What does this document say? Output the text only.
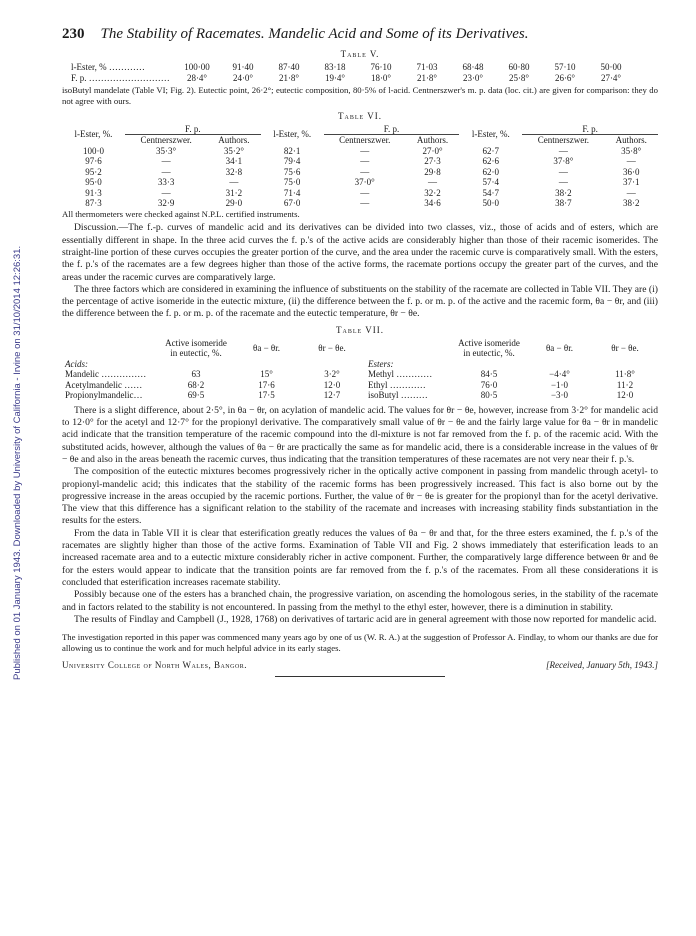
Published on 01 January 1943. Downloaded by University of California - Irvine on 31/10/2014 12:26:31.
230 The Stability of Racemates. Mandelic Acid and Some of its Derivatives.
Table V.
l-Ester, % …………	100·00	91·40	87·40	83·18	76·10	71·03	68·48	60·80	57·10	50·00
F. p. ………………………	28·4°	24·0°	21·8°	19·4°	18·0°	21·8°	23·0°	25·8°	26·6°	27·4°

isoButyl mandelate (Table VI; Fig. 2). Eutectic point, 26·2°; eutectic composition, 80·5% of l-acid. Centnerszwer's m. p. data (loc. cit.) are given for comparison: they do not agree with ours.

Table VI.
l-Ester, %.	F. p.		l-Ester, %.	F. p.		l-Ester, %.	F. p.	
	Centnerszwer.	Authors.		Centnerszwer.	Authors.		Centnerszwer.	Authors.
100·0	35·3°	35·2°	82·1	—	27·0°	62·7	—	35·8°
97·6	—	34·1	79·4	—	27·3	62·6	37·8°	—
95·2	—	32·8	75·6	—	29·8	62·0	—	36·0
95·0	33·3	—	75·0	37·0°	—	57·4	—	37·1
91·3	—	31·2	71·4	—	32·2	54·7	38·2	—
87·3	32·9	29·0	67·0	—	34·6	50·0	38·7	38·2

All thermometers were checked against N.P.L. certified instruments.

Discussion.—The f.-p. curves of mandelic acid and its derivatives can be divided into two classes, viz., those of acids and of esters, which are essentially different in shape. In the three acid curves the f. p.'s of the active acids are considerably higher than those of their racemic isomerides. The straight-line portion of these curves occupies the greater portion of the curve, and the area under the racemic curve is comparatively small. With the esters, the f. p.'s of the racemates are a few degrees higher than those of the active forms, the racemate portions occupy the greater part of the curves, and the areas under the racemic curves are comparatively large.

The three factors which are considered in examining the influence of substituents on the stability of the racemate are collected in Table VII. They are (i) the percentage of active isomeride in the eutectic mixture, (ii) the difference between the f. p. or m. p. of the active and the racemic form, θa − θr, and (iii) the difference between the f. p. or m. p. of the racemate and the eutectic temperature, θr − θe.

Table VII.
	Active isomeride in eutectic, %.	θa − θr.	θr − θe.		Active isomeride in eutectic, %.	θa − θr.	θr − θe.
Acids:				Esters:			
Mandelic ……………	63	15°	3·2°	Methyl …………	84·5	−4·4°	11·8°
Acetylmandelic ……	68·2	17·6	12·0	Ethyl …………	76·0	−1·0	11·2
Propionylmandelic…	69·5	17·5	12·7	isoButyl ………	80·5	−3·0	12·0

There is a slight difference, about 2·5°, in θa − θr, on acylation of mandelic acid. The values for θr − θe, however, increase from 3·2° for mandelic acid to 12·0° for the acetyl and 12·7° for the propionyl derivative. The comparatively small value of θr − θe and the fairly large value for θa − θr in mandelic acid indicate that the transition temperature of the racemic compound into the dl-mixture is not far removed from the f. p. of the racemic acid. With the substituted acids, however, although the values of θa − θr are practically the same as for mandelic acid, there is a considerable increase in the values of θr − θe and also in the areas beneath the racemic curves, thus indicating that the transition temperatures of these racemates are not very near their f. p.'s.

The composition of the eutectic mixtures becomes progressively richer in the optically active component in passing from mandelic through acetyl- to propionyl-mandelic acid; this indicates that the stability of the racemic forms has been progressively increased. This fact is also borne out by the progressive increase in the areas occupied by the racemic portions. Further, the value of θr − θe is greater for the propionyl than for the acetyl derivative. The view that this difference has a significant relation to the stability of the racemate and increases with increasing stability finds substantiation in the results for the esters.

From the data in Table VII it is clear that esterification greatly reduces the values of θa − θr and that, for the three esters examined, the f. p.'s of the racemates are slightly higher than those of the active forms. Examination of Table VII and Fig. 2 shows immediately that esterification leads to an increased racemate area and to a eutectic mixture considerably richer in active component. Further, the comparatively large difference between θr and θe for the esters would appear to indicate that the transition points are far removed from the f. p.'s of the racemates. From all these considerations it is concluded that esterification increases racemate stability.

Possibly because one of the esters has a branched chain, the progressive variation, on ascending the homologous series, in the stability of the racemate and in factors related to the stability is not encountered. In passing from the methyl to the ethyl ester, however, there is a diminution in stability.

The results of Findlay and Campbell (J., 1928, 1768) on derivatives of tartaric acid are in general agreement with those now reported for mandelic acid.

The investigation reported in this paper was commenced many years ago by one of us (W. R. A.) at the suggestion of Professor A. Findlay, to whom our thanks are due for allowing us to continue the work and for much helpful advice in its early stages.

University College of North Wales, Bangor.	[Received, January 5th, 1943.]
